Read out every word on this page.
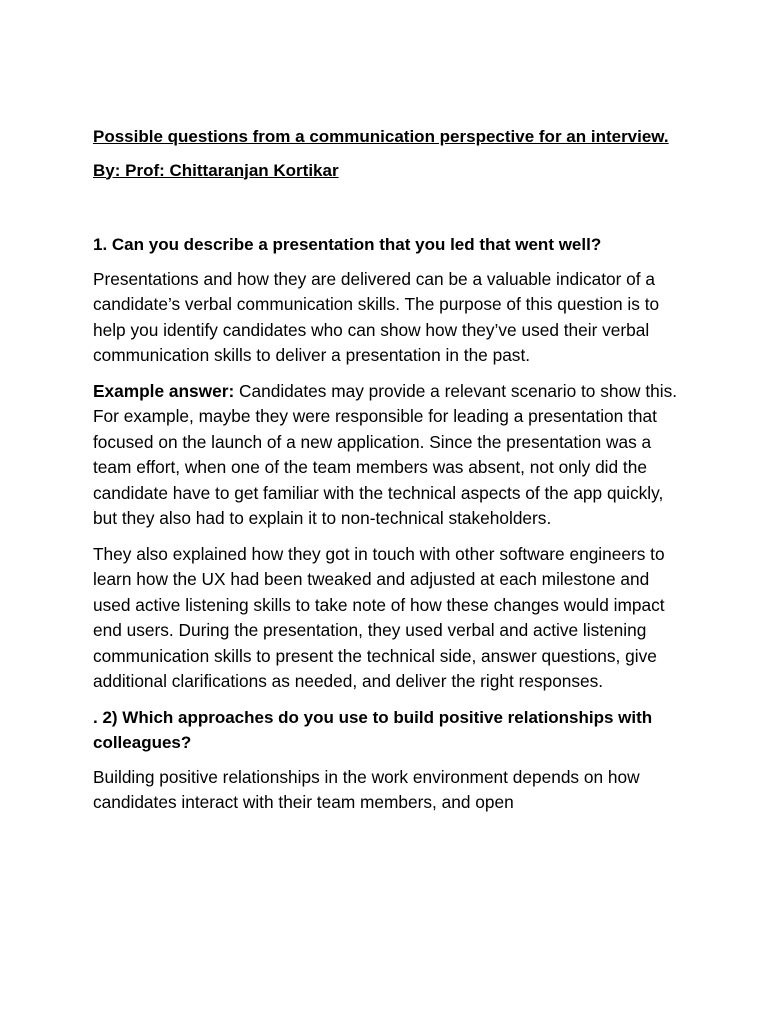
Possible questions from a communication perspective for an interview.

By: Prof: Chittaranjan Kortikar

1. Can you describe a presentation that you led that went well?

Presentations and how they are delivered can be a valuable indicator of a candidate’s verbal communication skills. The purpose of this question is to help you identify candidates who can show how they’ve used their verbal communication skills to deliver a presentation in the past.

Example answer: Candidates may provide a relevant scenario to show this. For example, maybe they were responsible for leading a presentation that focused on the launch of a new application. Since the presentation was a team effort, when one of the team members was absent, not only did the candidate have to get familiar with the technical aspects of the app quickly, but they also had to explain it to non-technical stakeholders.

They also explained how they got in touch with other software engineers to learn how the UX had been tweaked and adjusted at each milestone and used active listening skills to take note of how these changes would impact end users. During the presentation, they used verbal and active listening communication skills to present the technical side, answer questions, give additional clarifications as needed, and deliver the right responses.

. 2) Which approaches do you use to build positive relationships with colleagues?

Building positive relationships in the work environment depends on how candidates interact with their team members, and open
